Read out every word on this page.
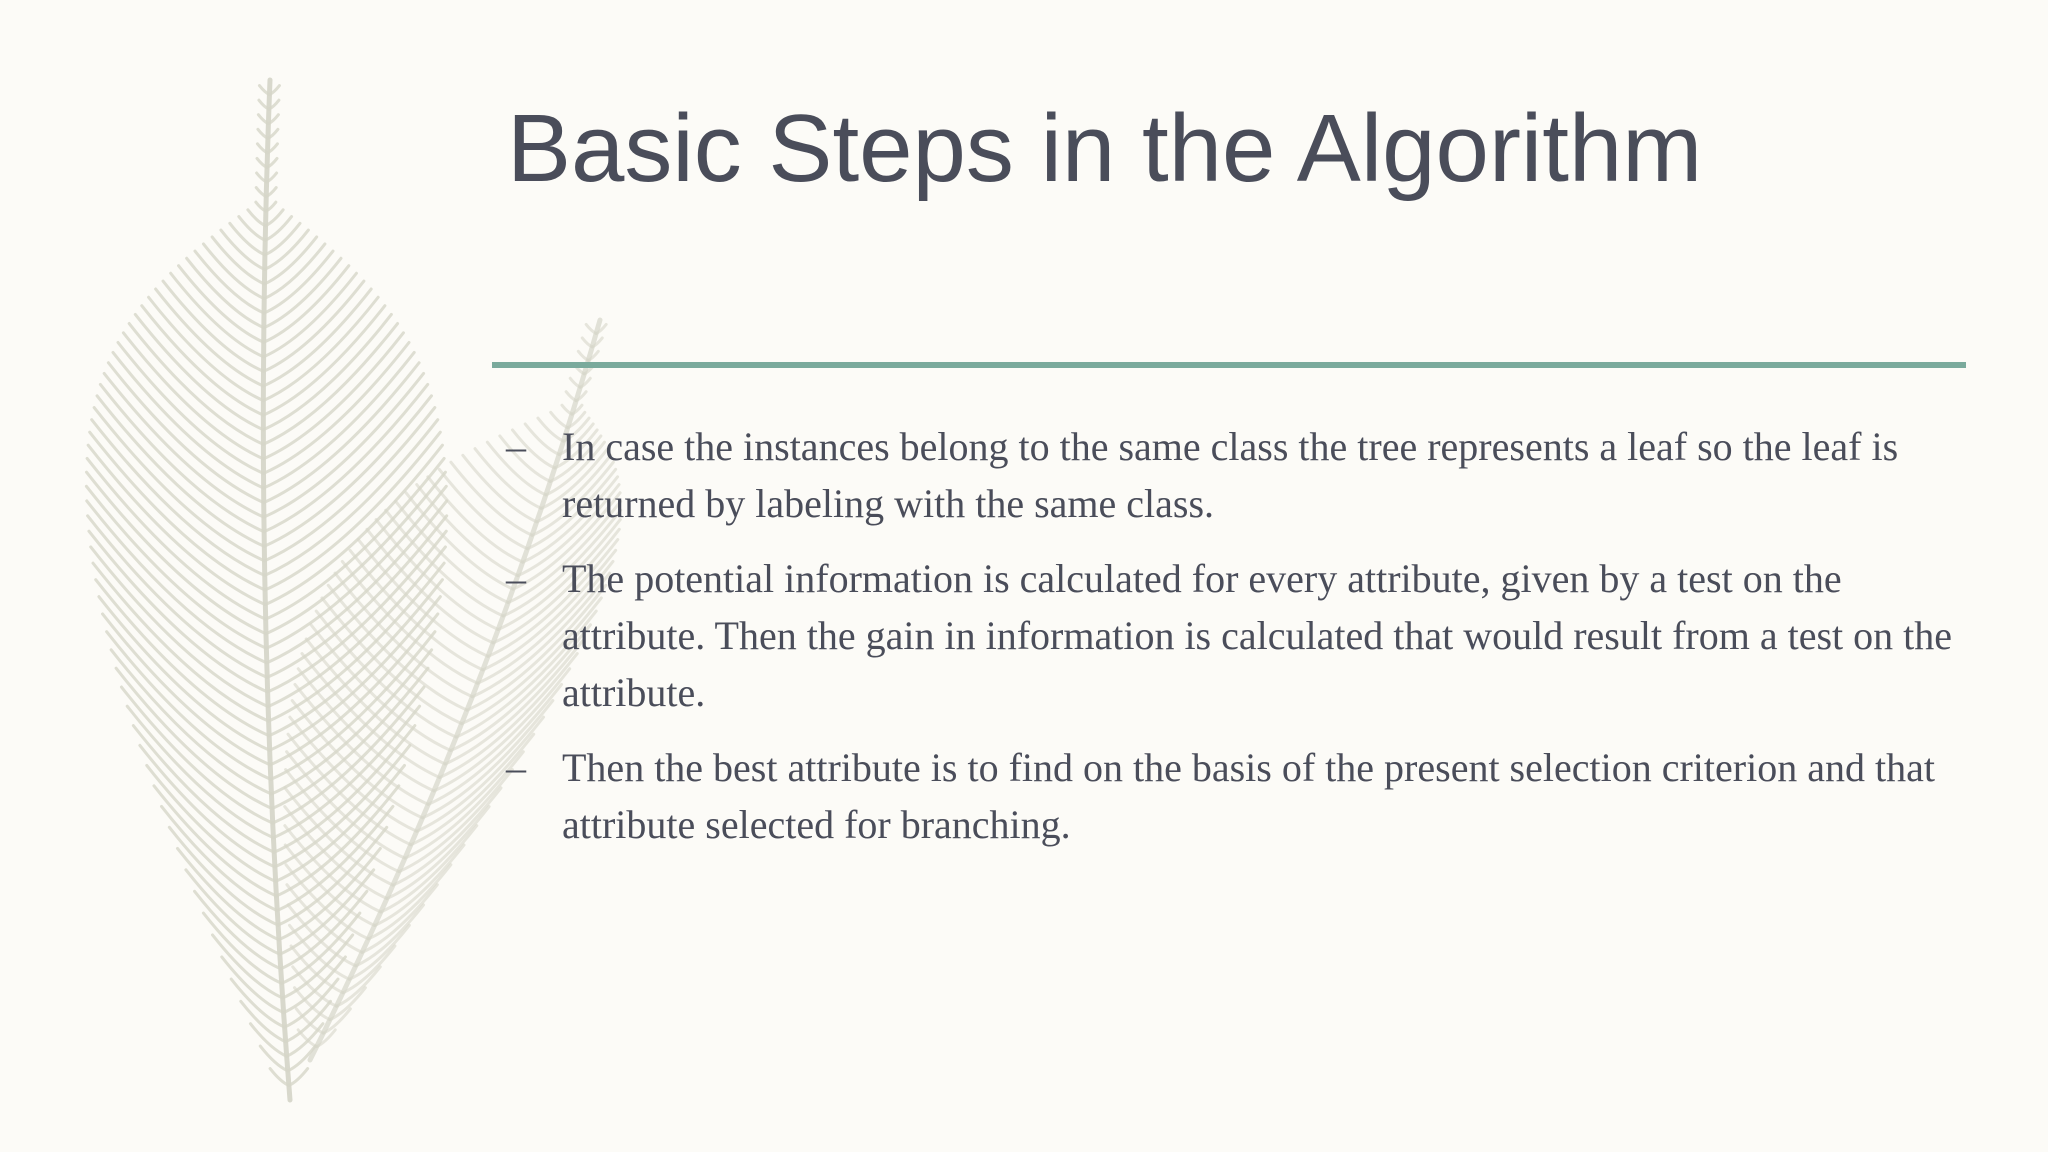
Basic Steps in the Algorithm
– In case the instances belong to the same class the tree represents a leaf so the leaf is returned by labeling with the same class.
– The potential information is calculated for every attribute, given by a test on the attribute. Then the gain in information is calculated that would result from a test on the attribute.
– Then the best attribute is to find on the basis of the present selection criterion and that attribute selected for branching.
